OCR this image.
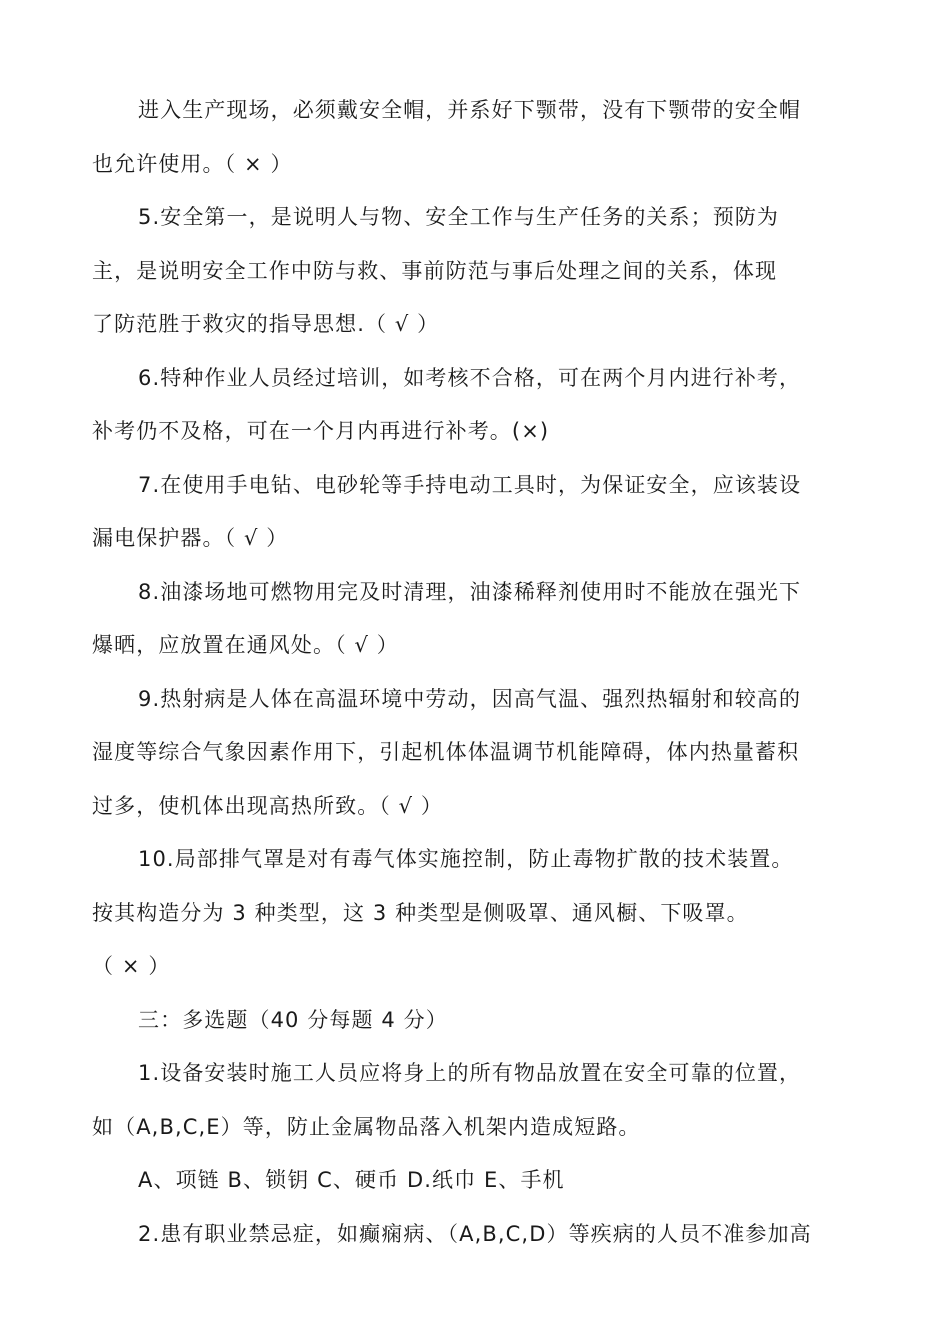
进入生产现场，必须戴安全帽，并系好下颚带，没有下颚带的安全帽
也允许使用。（ × ）
5.安全第一，是说明人与物、安全工作与生产任务的关系；预防为
主，是说明安全工作中防与救、事前防范与事后处理之间的关系，体现
了防范胜于救灾的指导思想.（ √ ）
6.特种作业人员经过培训，如考核不合格，可在两个月内进行补考，
补考仍不及格，可在一个月内再进行补考。(×)
7.在使用手电钻、电砂轮等手持电动工具时，为保证安全，应该装设
漏电保护器。（ √ ）
8.油漆场地可燃物用完及时清理，油漆稀释剂使用时不能放在强光下
爆晒，应放置在通风处。（ √ ）
9.热射病是人体在高温环境中劳动，因高气温、强烈热辐射和较高的
湿度等综合气象因素作用下，引起机体体温调节机能障碍，体内热量蓄积
过多，使机体出现高热所致。（ √ ）
10.局部排气罩是对有毒气体实施控制，防止毒物扩散的技术装置。
按其构造分为 3 种类型，这 3 种类型是侧吸罩、通风橱、下吸罩。
（ × ）
三：多选题（40 分每题 4 分）
1.设备安装时施工人员应将身上的所有物品放置在安全可靠的位置，
如（A,B,C,E）等，防止金属物品落入机架内造成短路。
A、项链 B、锁钥 C、硬币 D.纸巾 E、手机
2.患有职业禁忌症，如癫痫病、（A,B,C,D）等疾病的人员不准参加高
